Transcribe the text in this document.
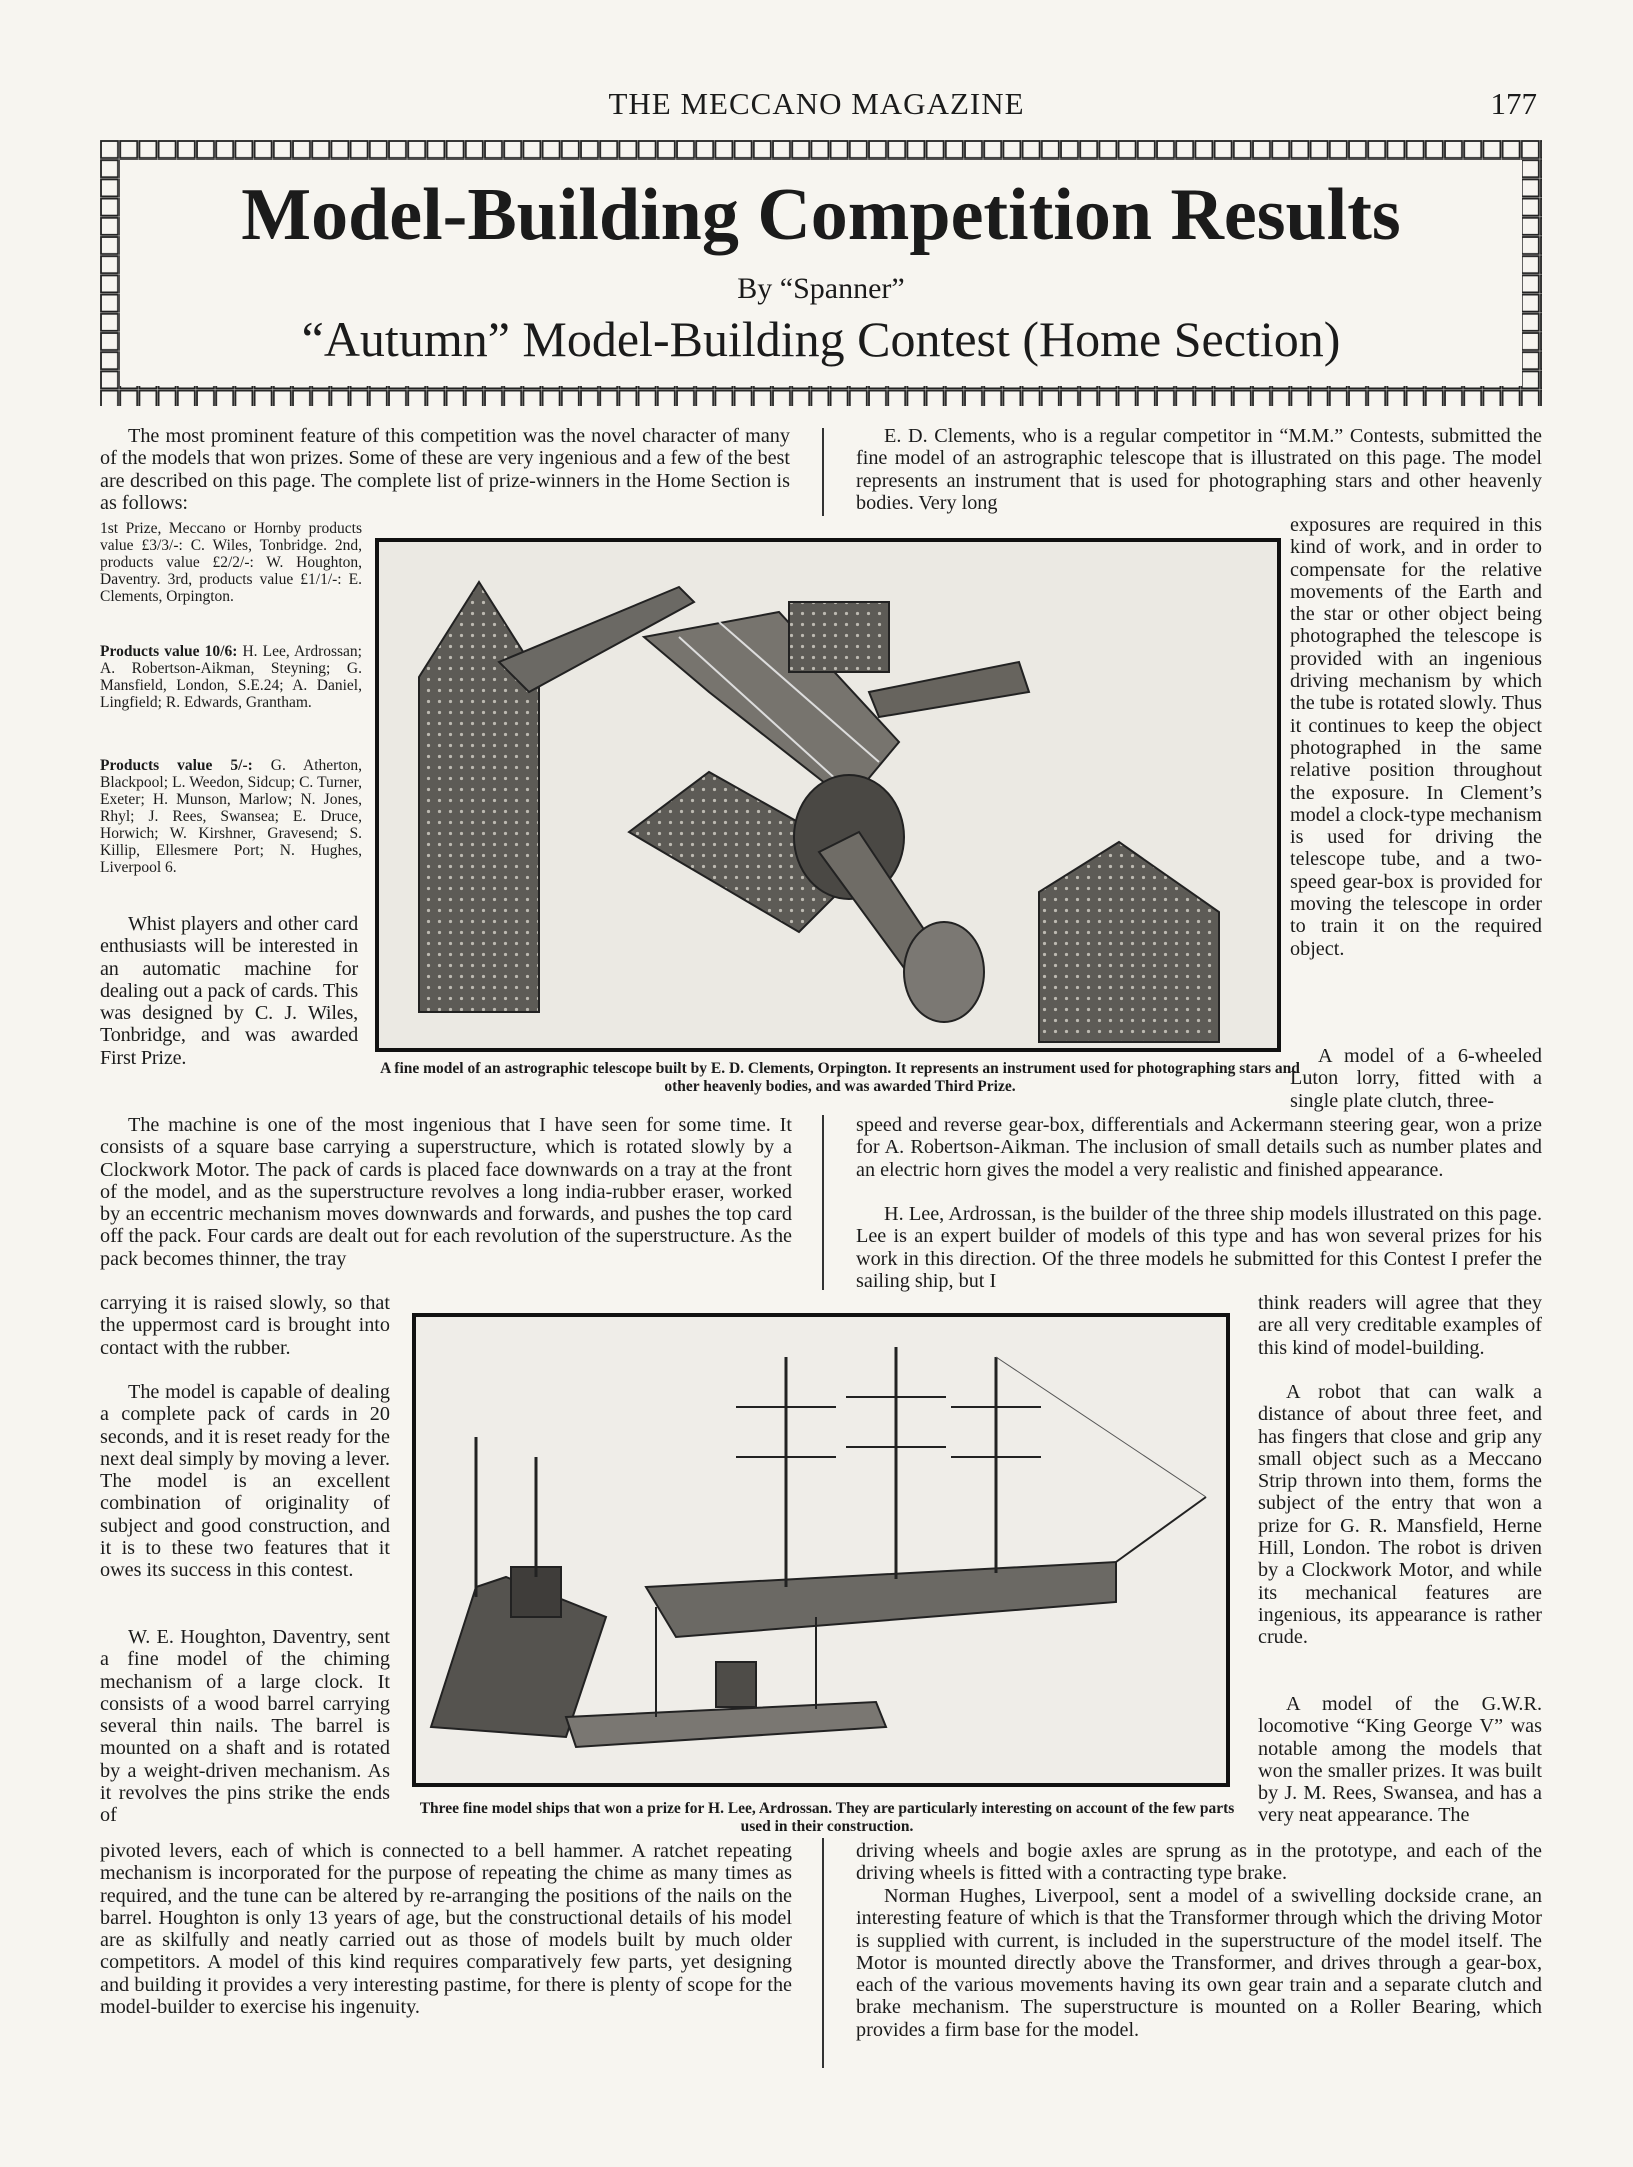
THE MECCANO MAGAZINE	177
Model-Building Competition Results
By “Spanner”
“Autumn” Model-Building Contest (Home Section)
The most prominent feature of this competition was the novel character of many of the models that won prizes. Some of these are very ingenious and a few of the best are described on this page. The complete list of prize-winners in the Home Section is as follows:
1st Prize, Meccano or Hornby products value £3/3/-: C. Wiles, Tonbridge. 2nd, products value £2/2/-: W. Houghton, Daventry. 3rd, products value £1/1/-: E. Clements, Orpington.
Products value 10/6: H. Lee, Ardrossan; A. Robertson-Aikman, Steyning; G. Mansfield, London, S.E.24; A. Daniel, Lingfield; R. Edwards, Grantham.
Products value 5/-: G. Atherton, Blackpool; L. Weedon, Sidcup; C. Turner, Exeter; H. Munson, Marlow; N. Jones, Rhyl; J. Rees, Swansea; E. Druce, Horwich; W. Kirshner, Gravesend; S. Killip, Ellesmere Port; N. Hughes, Liverpool 6.
Whist players and other card enthusiasts will be interested in an automatic machine for dealing out a pack of cards. This was designed by C. J. Wiles, Tonbridge, and was awarded First Prize.	A fine model of an astrographic telescope built by E. D. Clements, Orpington. It represents an instrument used for photographing stars and other heavenly bodies, and was awarded Third Prize.
E. D. Clements, who is a regular competitor in “M.M.” Contests, submitted the fine model of an astrographic telescope that is illustrated on this page. The model represents an instrument that is used for photographing stars and other heavenly bodies. Very long
exposures are required in this kind of work, and in order to compensate for the relative movements of the Earth and the star or other object being photographed the telescope is provided with an ingenious driving mechanism by which the tube is rotated slowly. Thus it continues to keep the object photographed in the same relative position throughout the exposure. In Clement’s model a clock-type mechanism is used for driving the telescope tube, and a two-speed gear-box is provided for moving the telescope in order to train it on the required object.
A model of a 6-wheeled Luton lorry, fitted with a single plate clutch, three-
The machine is one of the most ingenious that I have seen for some time. It consists of a square base carrying a superstructure, which is rotated slowly by a Clockwork Motor. The pack of cards is placed face downwards on a tray at the front of the model, and as the superstructure revolves a long india-rubber eraser, worked by an eccentric mechanism moves downwards and forwards, and pushes the top card off the pack. Four cards are dealt out for each revolution of the superstructure. As the pack becomes thinner, the tray
speed and reverse gear-box, differentials and Ackermann steering gear, won a prize for A. Robertson-Aikman. The inclusion of small details such as number plates and an electric horn gives the model a very realistic and finished appearance.
H. Lee, Ardrossan, is the builder of the three ship models illustrated on this page. Lee is an expert builder of models of this type and has won several prizes for his work in this direction. Of the three models he submitted for this Contest I prefer the sailing ship, but I
think readers will agree that they are all very creditable examples of this kind of model-building.
A robot that can walk a distance of about three feet, and has fingers that close and grip any small object such as a Meccano Strip thrown into them, forms the subject of the entry that won a prize for G. R. Mansfield, Herne Hill, London. The robot is driven by a Clockwork Motor, and while its mechanical features are ingenious, its appearance is rather crude.
A model of the G.W.R. locomotive “King George V” was notable among the models that won the smaller prizes. It was built by J. M. Rees, Swansea, and has a very neat appearance. The
carrying it is raised slowly, so that the uppermost card is brought into contact with the rubber.
The model is capable of dealing a complete pack of cards in 20 seconds, and it is reset ready for the next deal simply by moving a lever. The model is an excellent combination of originality of subject and good construction, and it is to these two features that it owes its success in this contest.
W. E. Houghton, Daventry, sent a fine model of the chiming mechanism of a large clock. It consists of a wood barrel carrying several thin nails. The barrel is mounted on a shaft and is rotated by a weight-driven mechanism. As it revolves the pins strike the ends of	Three fine model ships that won a prize for H. Lee, Ardrossan. They are particularly interesting on account of the few parts used in their construction.
pivoted levers, each of which is connected to a bell hammer. A ratchet repeating mechanism is incorporated for the purpose of repeating the chime as many times as required, and the tune can be altered by re-arranging the positions of the nails on the barrel. Houghton is only 13 years of age, but the constructional details of his model are as skilfully and neatly carried out as those of models built by much older competitors. A model of this kind requires comparatively few parts, yet designing and building it provides a very interesting pastime, for there is plenty of scope for the model-builder to exercise his ingenuity.
driving wheels and bogie axles are sprung as in the prototype, and each of the driving wheels is fitted with a contracting type brake.
Norman Hughes, Liverpool, sent a model of a swivelling dockside crane, an interesting feature of which is that the Transformer through which the driving Motor is supplied with current, is included in the superstructure of the model itself. The Motor is mounted directly above the Transformer, and drives through a gear-box, each of the various movements having its own gear train and a separate clutch and brake mechanism. The superstructure is mounted on a Roller Bearing, which provides a firm base for the model.
